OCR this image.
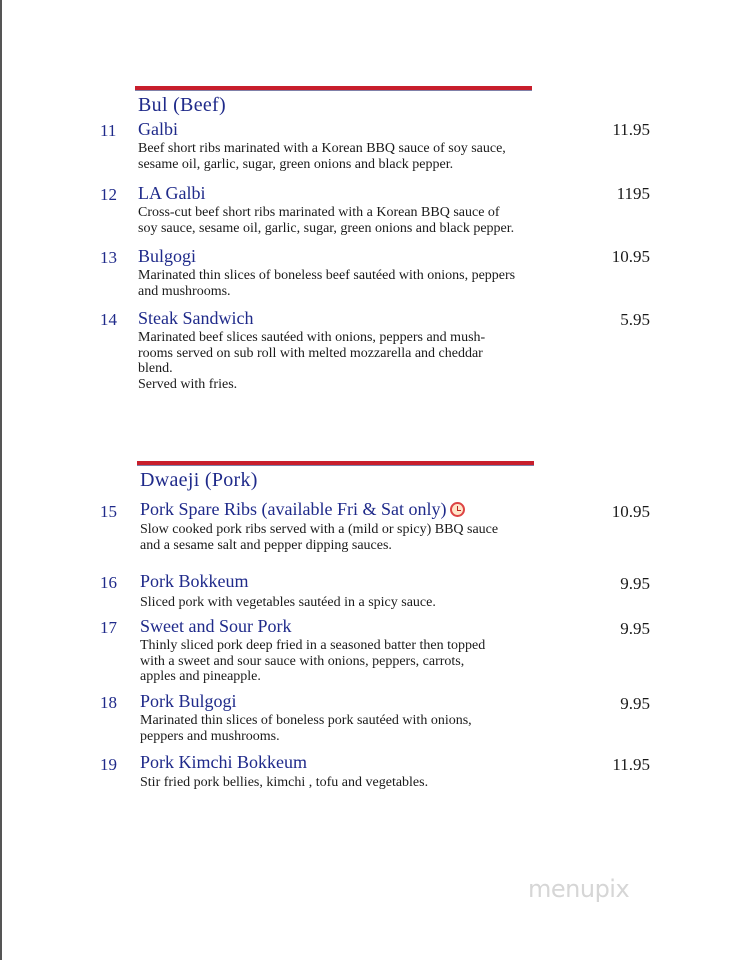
Bul (Beef)
11	Galbi	11.95
Beef short ribs marinated with a Korean BBQ sauce of soy sauce,
sesame oil, garlic, sugar, green onions and black pepper.
12	LA Galbi	1195
Cross-cut beef short ribs marinated with a Korean BBQ sauce of
soy sauce, sesame oil, garlic, sugar, green onions and black pepper.
13	Bulgogi	10.95
Marinated thin slices of boneless beef sautéed with onions, peppers
and mushrooms.
14	Steak Sandwich	5.95
Marinated beef slices sautéed with onions, peppers and mush-
rooms served on sub roll with melted mozzarella and cheddar
blend.
Served with fries.
Dwaeji (Pork)
15	Pork Spare Ribs (available Fri & Sat only)	10.95
Slow cooked pork ribs served with a (mild or spicy) BBQ sauce
and a sesame salt and pepper dipping sauces.
16	Pork Bokkeum	9.95
Sliced pork with vegetables sautéed in a spicy sauce.
17	Sweet and Sour Pork	9.95
Thinly sliced pork deep fried in a seasoned batter then topped
with a sweet and sour sauce with onions, peppers, carrots,
apples and pineapple.
18	Pork Bulgogi	9.95
Marinated thin slices of boneless pork sautéed with onions,
peppers and mushrooms.
19	Pork Kimchi Bokkeum	11.95
Stir fried pork bellies, kimchi , tofu and vegetables.
menupix
